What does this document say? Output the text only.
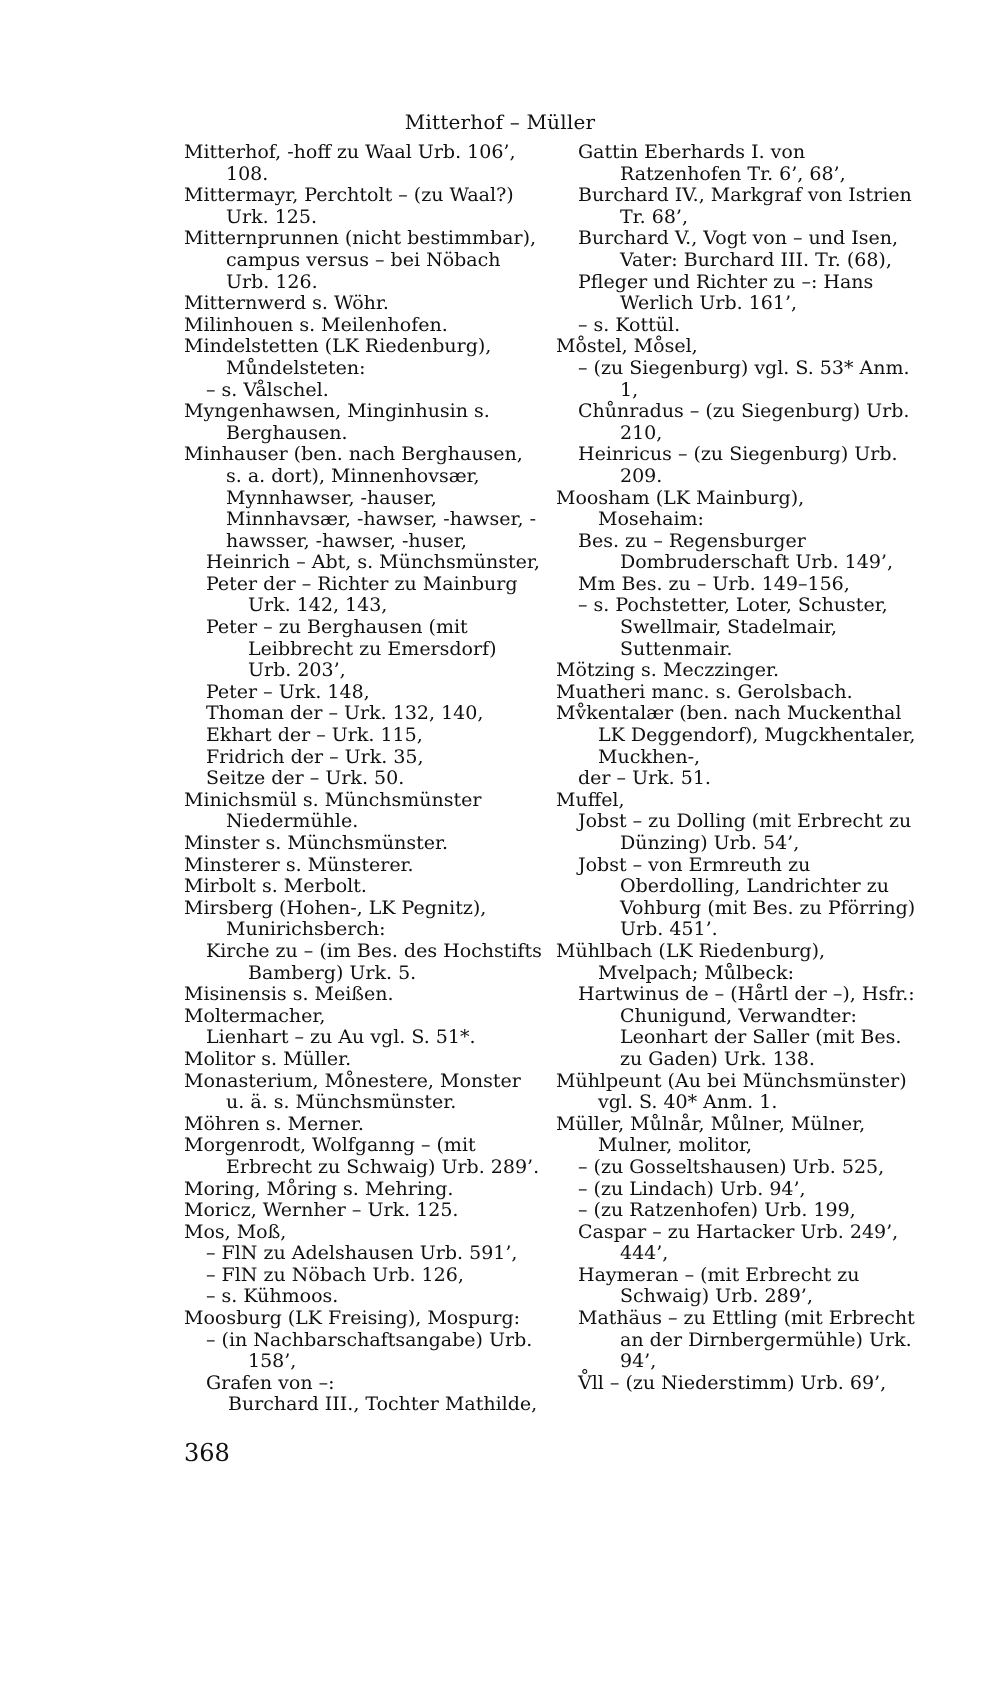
Mitterhof – Müller
Mitterhof, -hoff zu Waal Urb. 106’, 108.
Mittermayr, Perchtolt – (zu Waal?) Urk. 125.
Mitternprunnen (nicht bestimmbar), campus versus – bei Nöbach Urb. 126.
Mitternwerd s. Wöhr.
Milinhouen s. Meilenhofen.
Mindelstetten (LK Riedenburg), Můndelsteten:
– s. Vålschel.
Myngenhawsen, Minginhusin s. Berghausen.
Minhauser (ben. nach Berghausen, s. a. dort), Minnenhovsær, Mynnhawser, -hauser, Minnhavsær, -hawser, -hawser, -hawsser, -hawser, -huser,
Heinrich – Abt, s. Münchsmünster,
Peter der – Richter zu Mainburg Urk. 142, 143,
Peter – zu Berghausen (mit Leibbrecht zu Emersdorf) Urb. 203’,
Peter – Urk. 148,
Thoman der – Urk. 132, 140,
Ekhart der – Urk. 115,
Fridrich der – Urk. 35,
Seitze der – Urk. 50.
Minichsmül s. Münchsmünster Niedermühle.
Minster s. Münchsmünster.
Minsterer s. Münsterer.
Mirbolt s. Merbolt.
Mirsberg (Hohen-, LK Pegnitz), Munirichsberch:
Kirche zu – (im Bes. des Hochstifts Bamberg) Urk. 5.
Misinensis s. Meißen.
Moltermacher,
Lienhart – zu Au vgl. S. 51*.
Molitor s. Müller.
Monasterium, Mo̊nestere, Monster u. ä. s. Münchsmünster.
Möhren s. Merner.
Morgenrodt, Wolfganng – (mit Erbrecht zu Schwaig) Urb. 289’.
Moring, Mo̊ring s. Mehring.
Moricz, Wernher – Urk. 125.
Mos, Moß,
– FlN zu Adelshausen Urb. 591’,
– FlN zu Nöbach Urb. 126,
– s. Kühmoos.
Moosburg (LK Freising), Mospurg:
– (in Nachbarschaftsangabe) Urb. 158’,
Grafen von –:
Burchard III., Tochter Mathilde,
Gattin Eberhards I. von Ratzenhofen Tr. 6’, 68’,
Burchard IV., Markgraf von Istrien Tr. 68’,
Burchard V., Vogt von – und Isen, Vater: Burchard III. Tr. (68),
Pfleger und Richter zu –: Hans Werlich Urb. 161’,
– s. Kottül.
Mo̊stel, Mo̊sel,
– (zu Siegenburg) vgl. S. 53* Anm. 1,
Chůnradus – (zu Siegenburg) Urb. 210,
Heinricus – (zu Siegenburg) Urb. 209.
Moosham (LK Mainburg), Mosehaim:
Bes. zu – Regensburger Dombruderschaft Urb. 149’,
Mm Bes. zu – Urb. 149–156,
– s. Pochstetter, Loter, Schuster, Swellmair, Stadelmair, Suttenmair.
Mötzing s. Meczzinger.
Muatheri manc. s. Gerolsbach.
Mv̊kentalær (ben. nach Muckenthal LK Deggendorf), Mugckhentaler, Muckhen-,
der – Urk. 51.
Muffel,
Jobst – zu Dolling (mit Erbrecht zu Dünzing) Urb. 54’,
Jobst – von Ermreuth zu Oberdolling, Landrichter zu Vohburg (mit Bes. zu Pförring) Urb. 451’.
Mühlbach (LK Riedenburg), Mvelpach; Můlbeck:
Hartwinus de – (Hårtl der –), Hsfr.: Chunigund, Verwandter: Leonhart der Saller (mit Bes. zu Gaden) Urk. 138.
Mühlpeunt (Au bei Münchsmünster) vgl. S. 40* Anm. 1.
Müller, Můlnår, Můlner, Mülner, Mulner, molitor,
– (zu Gosseltshausen) Urb. 525,
– (zu Lindach) Urb. 94’,
– (zu Ratzenhofen) Urb. 199,
Caspar – zu Hartacker Urb. 249’, 444’,
Haymeran – (mit Erbrecht zu Schwaig) Urb. 289’,
Mathäus – zu Ettling (mit Erbrecht an der Dirnbergermühle) Urk. 94’,
V̊ll – (zu Niederstimm) Urb. 69’,
368
